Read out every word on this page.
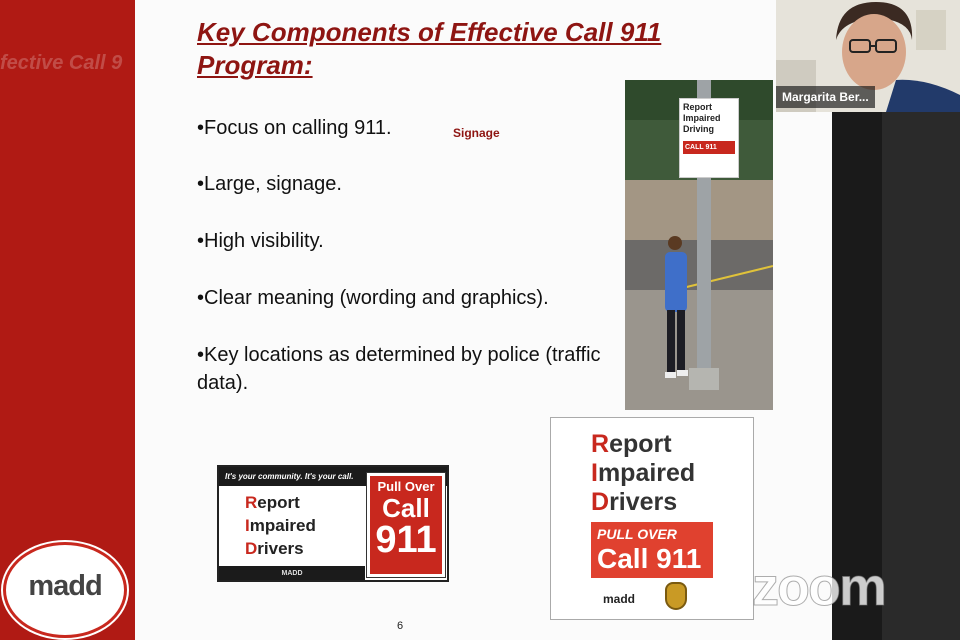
fective Call 9
Key Components of Effective Call 911 Program:
•Focus on calling 911.
•Large, signage.
•High visibility.
•Clear meaning (wording and graphics).
•Key locations as determined by police (traffic data).
Signage
Report
Impaired
Driving
CALL 911
It's your community. It's your call.
Report
Impaired
Drivers
Pull Over
Call
911
MADD
Report
Impaired
Drivers
PULL OVER
Call 911
madd
6
madd
Margarita Ber...
zoom
